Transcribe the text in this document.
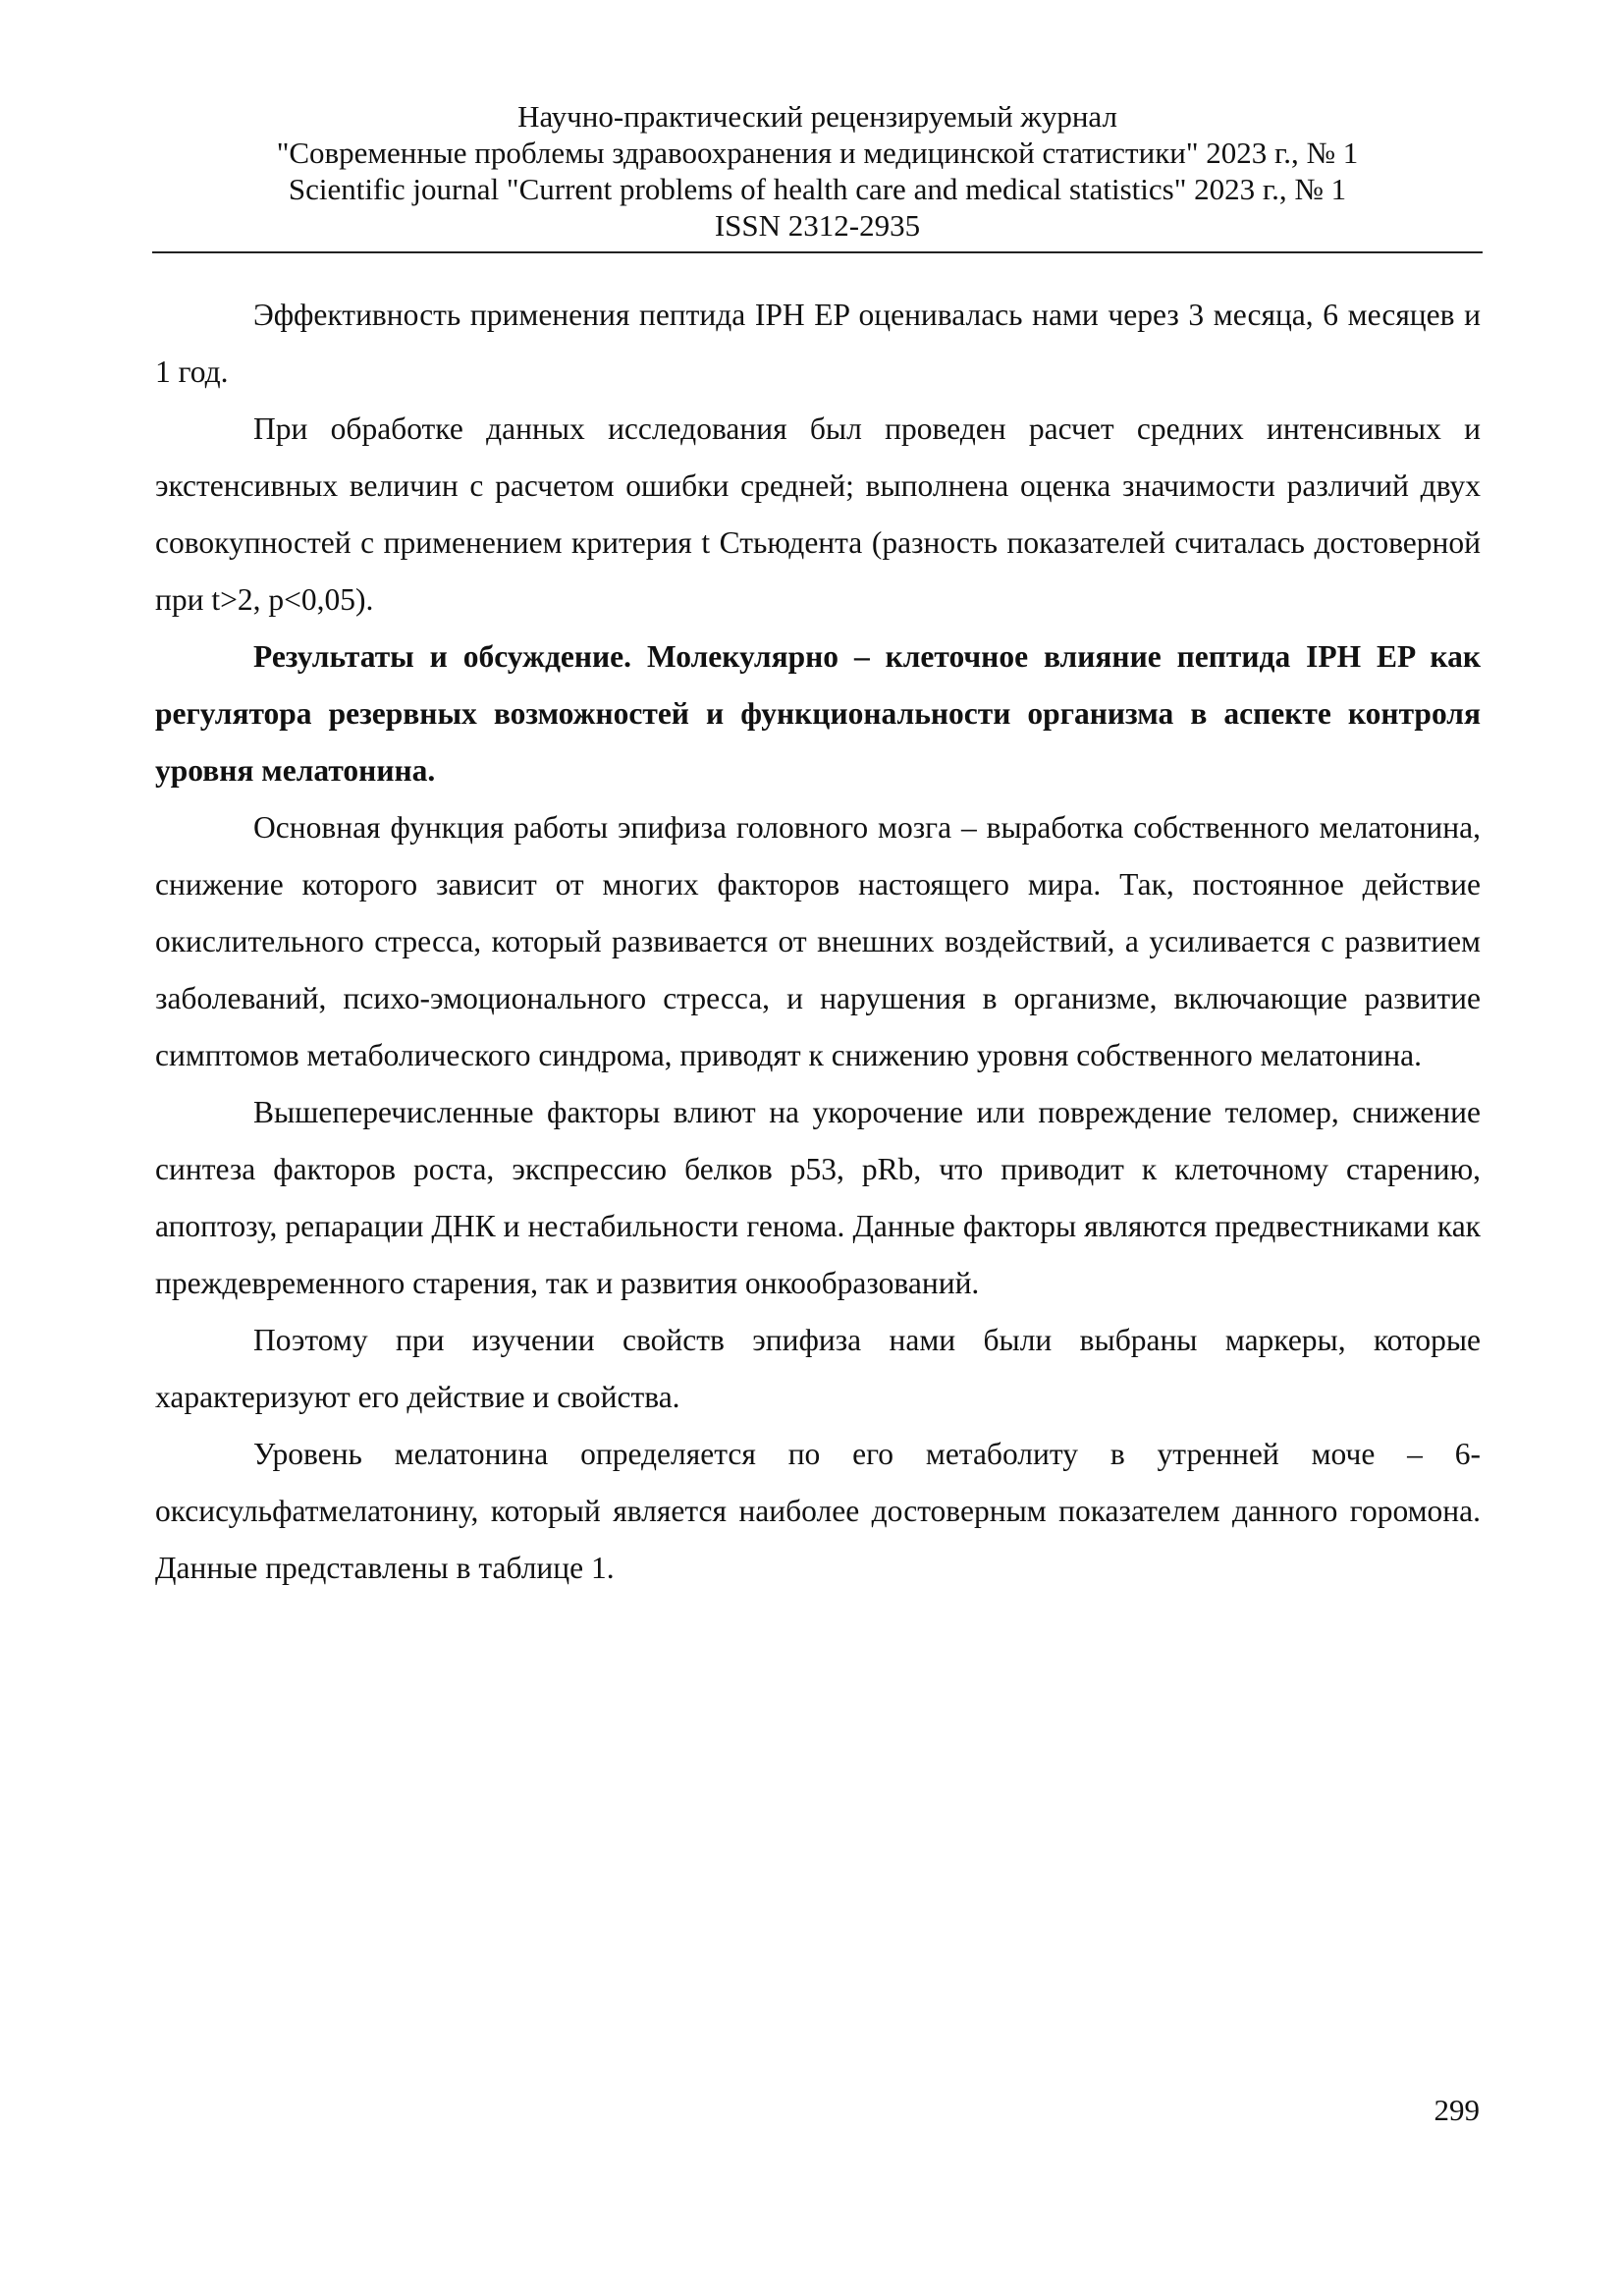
Научно-практический рецензируемый журнал
"Современные проблемы здравоохранения и медицинской статистики" 2023 г., № 1
Scientific journal "Current problems of health care and medical statistics" 2023 г., № 1
ISSN 2312-2935

Эффективность применения пептида IPH EP оценивалась нами через 3 месяца, 6 месяцев и 1 год.

При обработке данных исследования был проведен расчет средних интенсивных и экстенсивных величин с расчетом ошибки средней; выполнена оценка значимости различий двух совокупностей с применением критерия t Стьюдента (разность показателей считалась достоверной при t>2, p<0,05).

Результаты и обсуждение. Молекулярно – клеточное влияние пептида IPH EP как регулятора резервных возможностей и функциональности организма в аспекте контроля уровня мелатонина.

Основная функция работы эпифиза головного мозга – выработка собственного мелатонина, снижение которого зависит от многих факторов настоящего мира. Так, постоянное действие окислительного стресса, который развивается от внешних воздействий, а усиливается с развитием заболеваний, психо-эмоционального стресса, и нарушения в организме, включающие развитие симптомов метаболического синдрома, приводят к снижению уровня собственного мелатонина.

Вышеперечисленные факторы влиют на укорочение или повреждение теломер, снижение синтеза факторов роста, экспрессию белков p53, pRb, что приводит к клеточному старению, апоптозу, репарации ДНК и нестабильности генома. Данные факторы являются предвестниками как преждевременного старения, так и развития онкообразований.

Поэтому при изучении свойств эпифиза нами были выбраны маркеры, которые характеризуют его действие и свойства.

Уровень мелатонина определяется по его метаболиту в утренней моче – 6-оксисульфатмелатонину, который является наиболее достоверным показателем данного горомона. Данные представлены в таблице 1.

299
